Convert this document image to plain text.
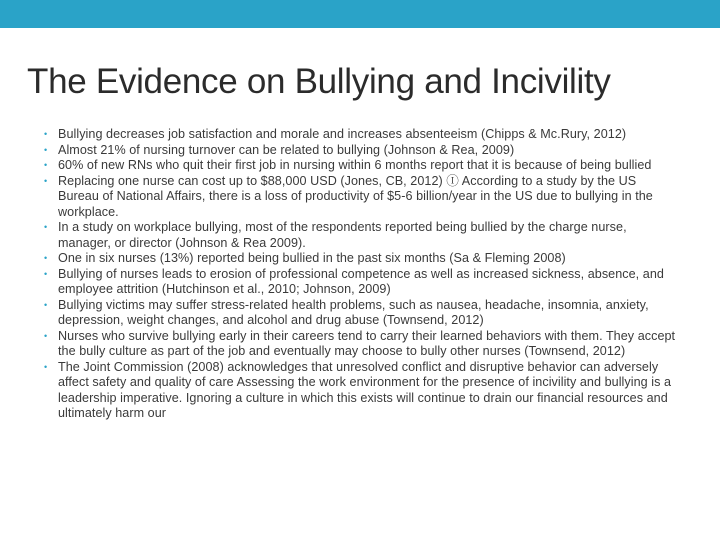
The Evidence on Bullying and Incivility
• Bullying decreases job satisfaction and morale and increases absenteeism (Chipps & Mc.Rury, 2012)
• Almost 21% of nursing turnover can be related to bullying (Johnson & Rea, 2009)
• 60% of new RNs who quit their first job in nursing within 6 months report that it is because of being bullied
• Replacing one nurse can cost up to $88,000 USD (Jones, CB, 2012) Ⓘ According to a study by the US Bureau of National Affairs, there is a loss of productivity of $5-6 billion/year in the US due to bullying in the workplace.
• In a study on workplace bullying, most of the respondents reported being bullied by the charge nurse, manager, or director (Johnson & Rea 2009).
• One in six nurses (13%) reported being bullied in the past six months (Sa & Fleming 2008)
• Bullying of nurses leads to erosion of professional competence as well as increased sickness, absence, and employee attrition (Hutchinson et al., 2010; Johnson, 2009)
• Bullying victims may suffer stress-related health problems, such as nausea, headache, insomnia, anxiety, depression, weight changes, and alcohol and drug abuse (Townsend, 2012)
• Nurses who survive bullying early in their careers tend to carry their learned behaviors with them. They accept the bully culture as part of the job and eventually may choose to bully other nurses (Townsend, 2012)
• The Joint Commission (2008) acknowledges that unresolved conflict and disruptive behavior can adversely affect safety and quality of care Assessing the work environment for the presence of incivility and bullying is a leadership imperative. Ignoring a culture in which this exists will continue to drain our financial resources and ultimately harm our
